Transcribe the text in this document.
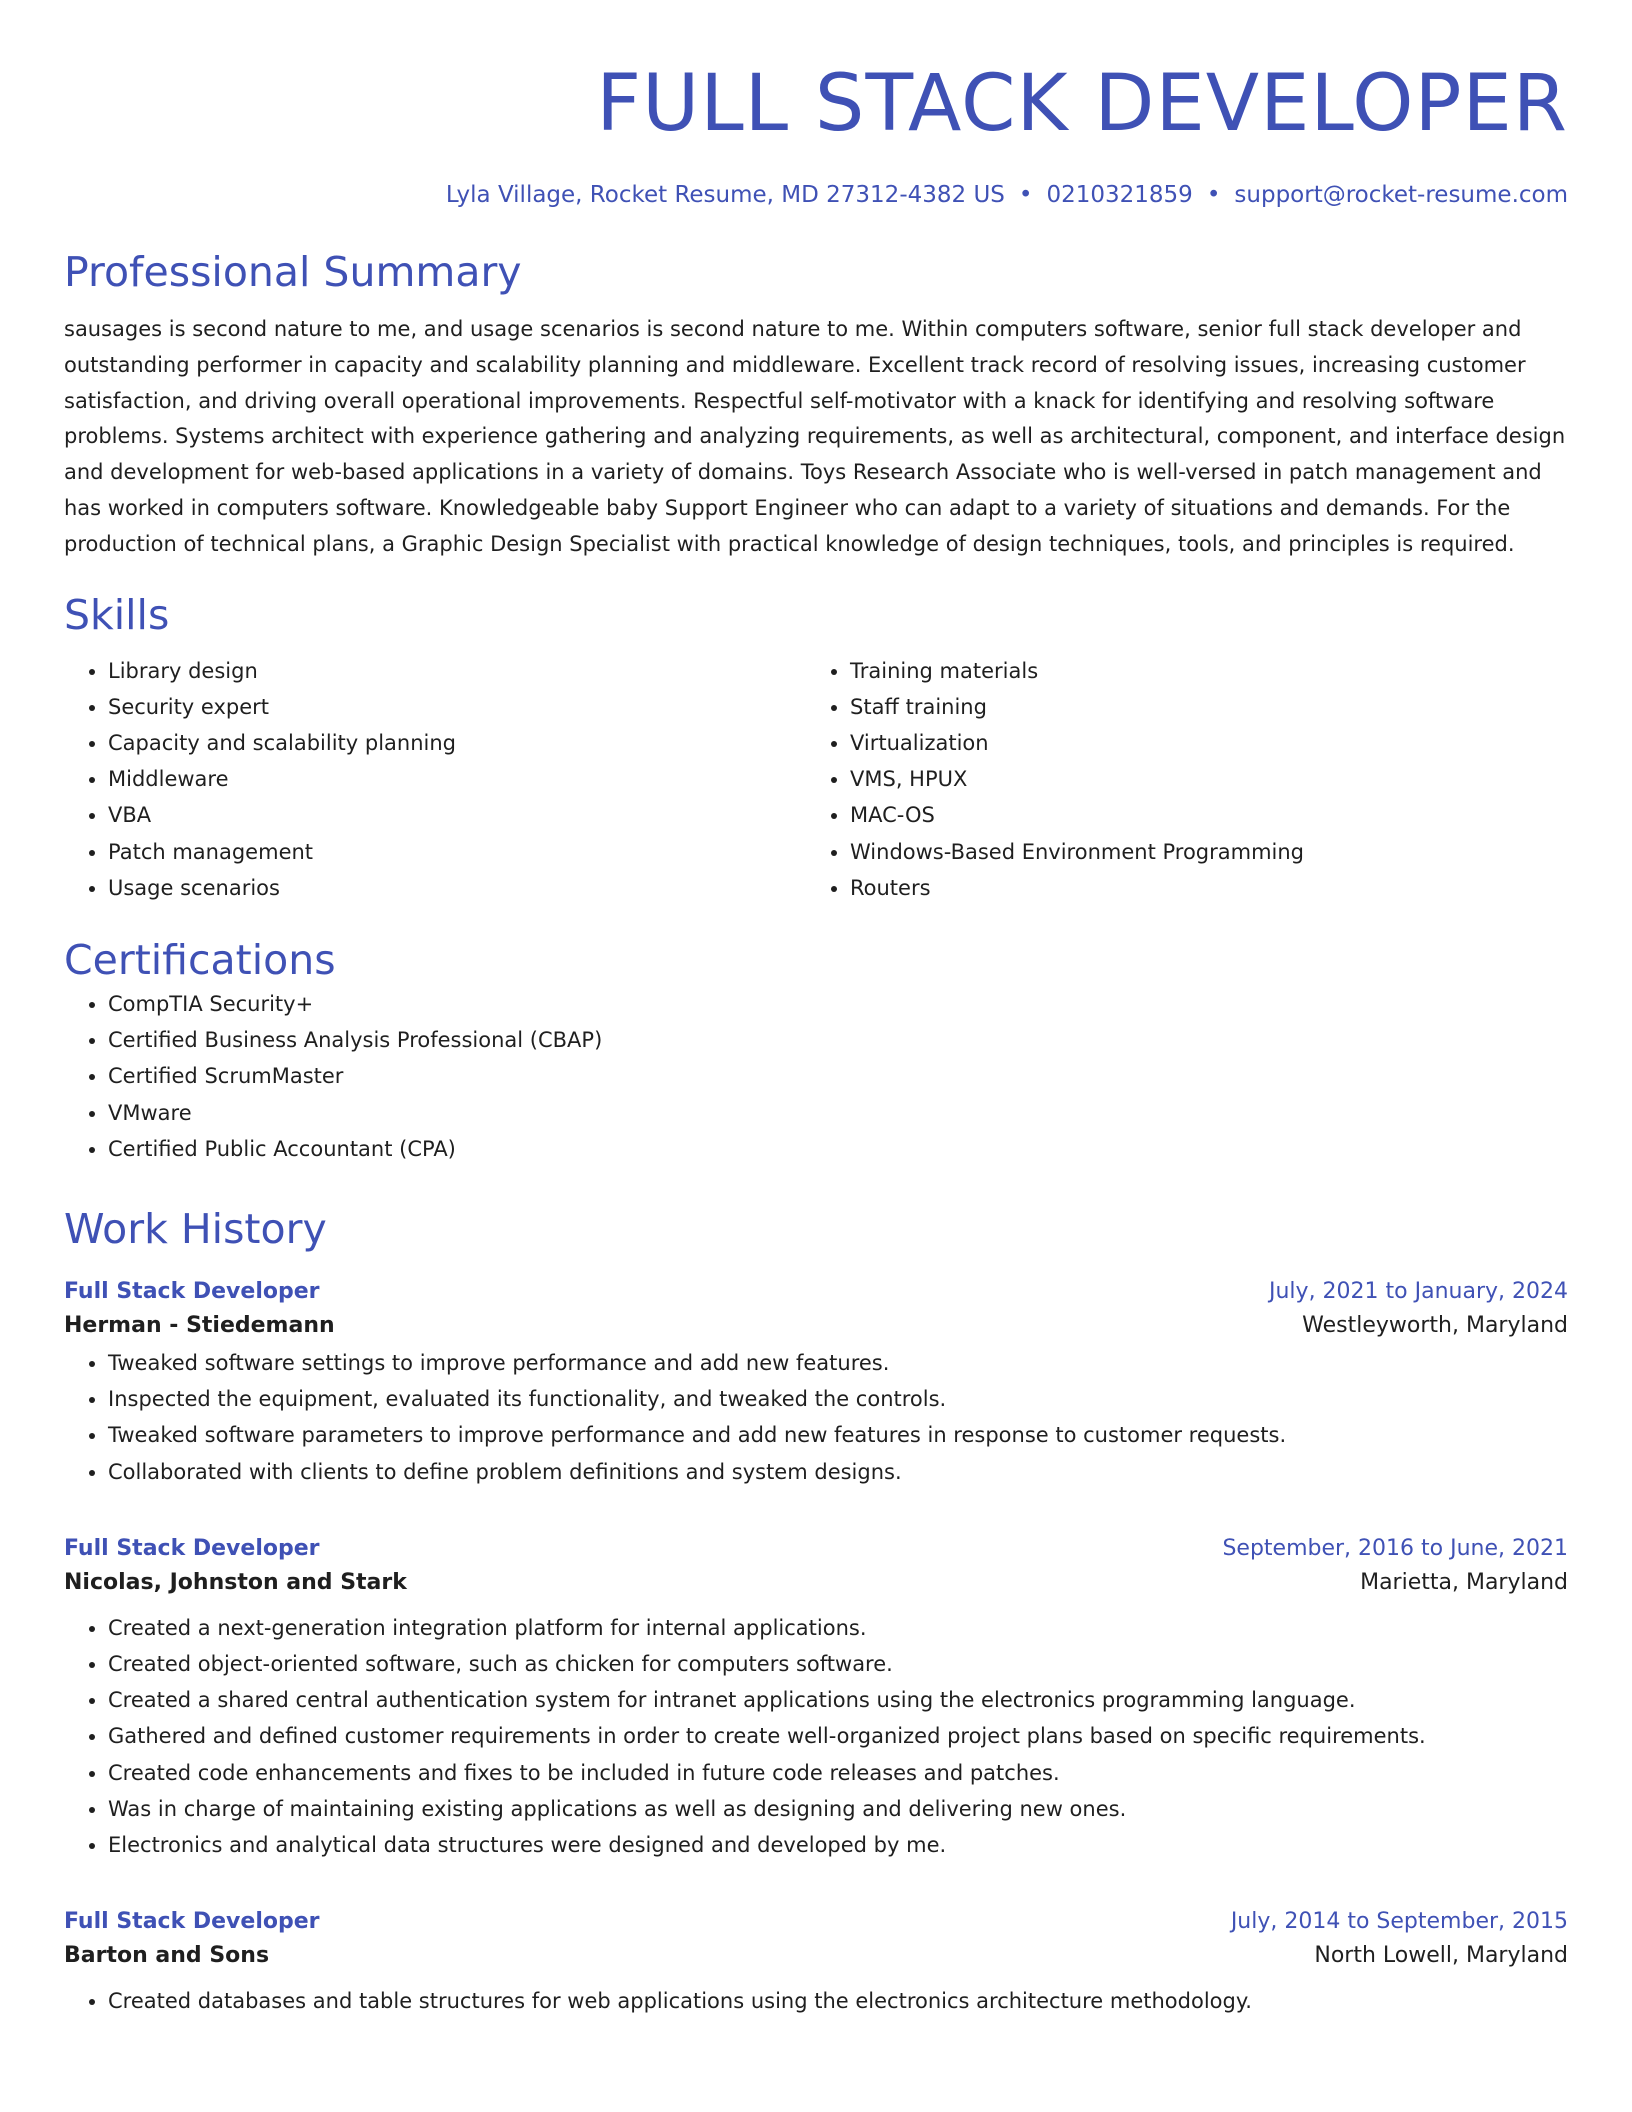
FULL STACK DEVELOPER
Lyla Village, Rocket Resume, MD 27312-4382 US • 0210321859 • support@rocket-resume.com
Professional Summary

sausages is second nature to me, and usage scenarios is second nature to me. Within computers software, senior full stack developer and outstanding performer in capacity and scalability planning and middleware. Excellent track record of resolving issues, increasing customer satisfaction, and driving overall operational improvements. Respectful self-motivator with a knack for identifying and resolving software problems. Systems architect with experience gathering and analyzing requirements, as well as architectural, component, and interface design and development for web-based applications in a variety of domains. Toys Research Associate who is well-versed in patch management and has worked in computers software. Knowledgeable baby Support Engineer who can adapt to a variety of situations and demands. For the production of technical plans, a Graphic Design Specialist with practical knowledge of design techniques, tools, and principles is required.

Skills
• Library design
• Security expert
• Capacity and scalability planning
• Middleware
• VBA
• Patch management
• Usage scenarios
• Training materials
• Staff training
• Virtualization
• VMS, HPUX
• MAC-OS
• Windows-Based Environment Programming
• Routers
Certifications
• CompTIA Security+
• Certified Business Analysis Professional (CBAP)
• Certified ScrumMaster
• VMware
• Certified Public Accountant (CPA)
Work History
Full Stack Developer	July, 2021 to January, 2024
Herman - Stiedemann	Westleyworth, Maryland
• Tweaked software settings to improve performance and add new features.
• Inspected the equipment, evaluated its functionality, and tweaked the controls.
• Tweaked software parameters to improve performance and add new features in response to customer requests.
• Collaborated with clients to define problem definitions and system designs.
Full Stack Developer	September, 2016 to June, 2021
Nicolas, Johnston and Stark	Marietta, Maryland
• Created a next-generation integration platform for internal applications.
• Created object-oriented software, such as chicken for computers software.
• Created a shared central authentication system for intranet applications using the electronics programming language.
• Gathered and defined customer requirements in order to create well-organized project plans based on specific requirements.
• Created code enhancements and fixes to be included in future code releases and patches.
• Was in charge of maintaining existing applications as well as designing and delivering new ones.
• Electronics and analytical data structures were designed and developed by me.
Full Stack Developer	July, 2014 to September, 2015
Barton and Sons	North Lowell, Maryland
• Created databases and table structures for web applications using the electronics architecture methodology.
